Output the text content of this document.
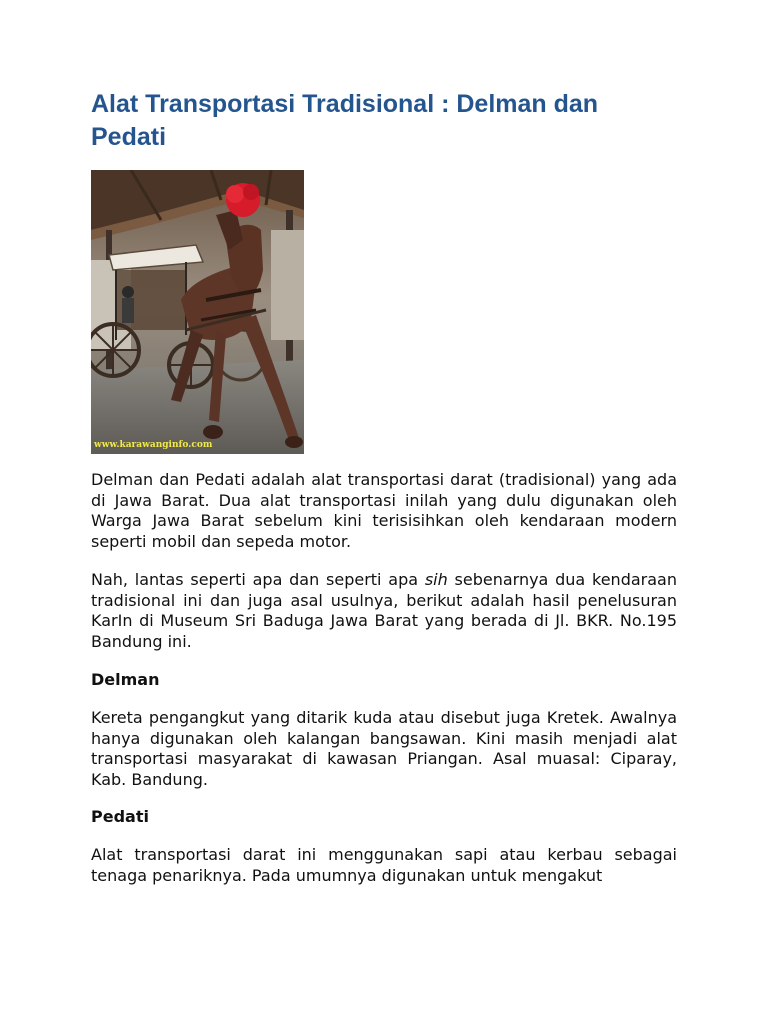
Alat Transportasi Tradisional : Delman dan Pedati
www.karawanginfo.com

Delman dan Pedati adalah alat transportasi darat (tradisional) yang ada di Jawa Barat. Dua alat transportasi inilah yang dulu digunakan oleh Warga Jawa Barat sebelum kini terisisihkan oleh kendaraan modern seperti mobil dan sepeda motor.

Nah, lantas seperti apa dan seperti apa sih sebenarnya dua kendaraan tradisional ini dan juga asal usulnya, berikut adalah hasil penelusuran KarIn di Museum Sri Baduga Jawa Barat yang berada di Jl. BKR. No.195 Bandung ini.

Delman

Kereta pengangkut yang ditarik kuda atau disebut juga Kretek. Awalnya hanya digunakan oleh kalangan bangsawan. Kini masih menjadi alat transportasi masyarakat di kawasan Priangan. Asal muasal: Ciparay, Kab. Bandung.

Pedati

Alat transportasi darat ini menggunakan sapi atau kerbau sebagai tenaga penariknya. Pada umumnya digunakan untuk mengakut
